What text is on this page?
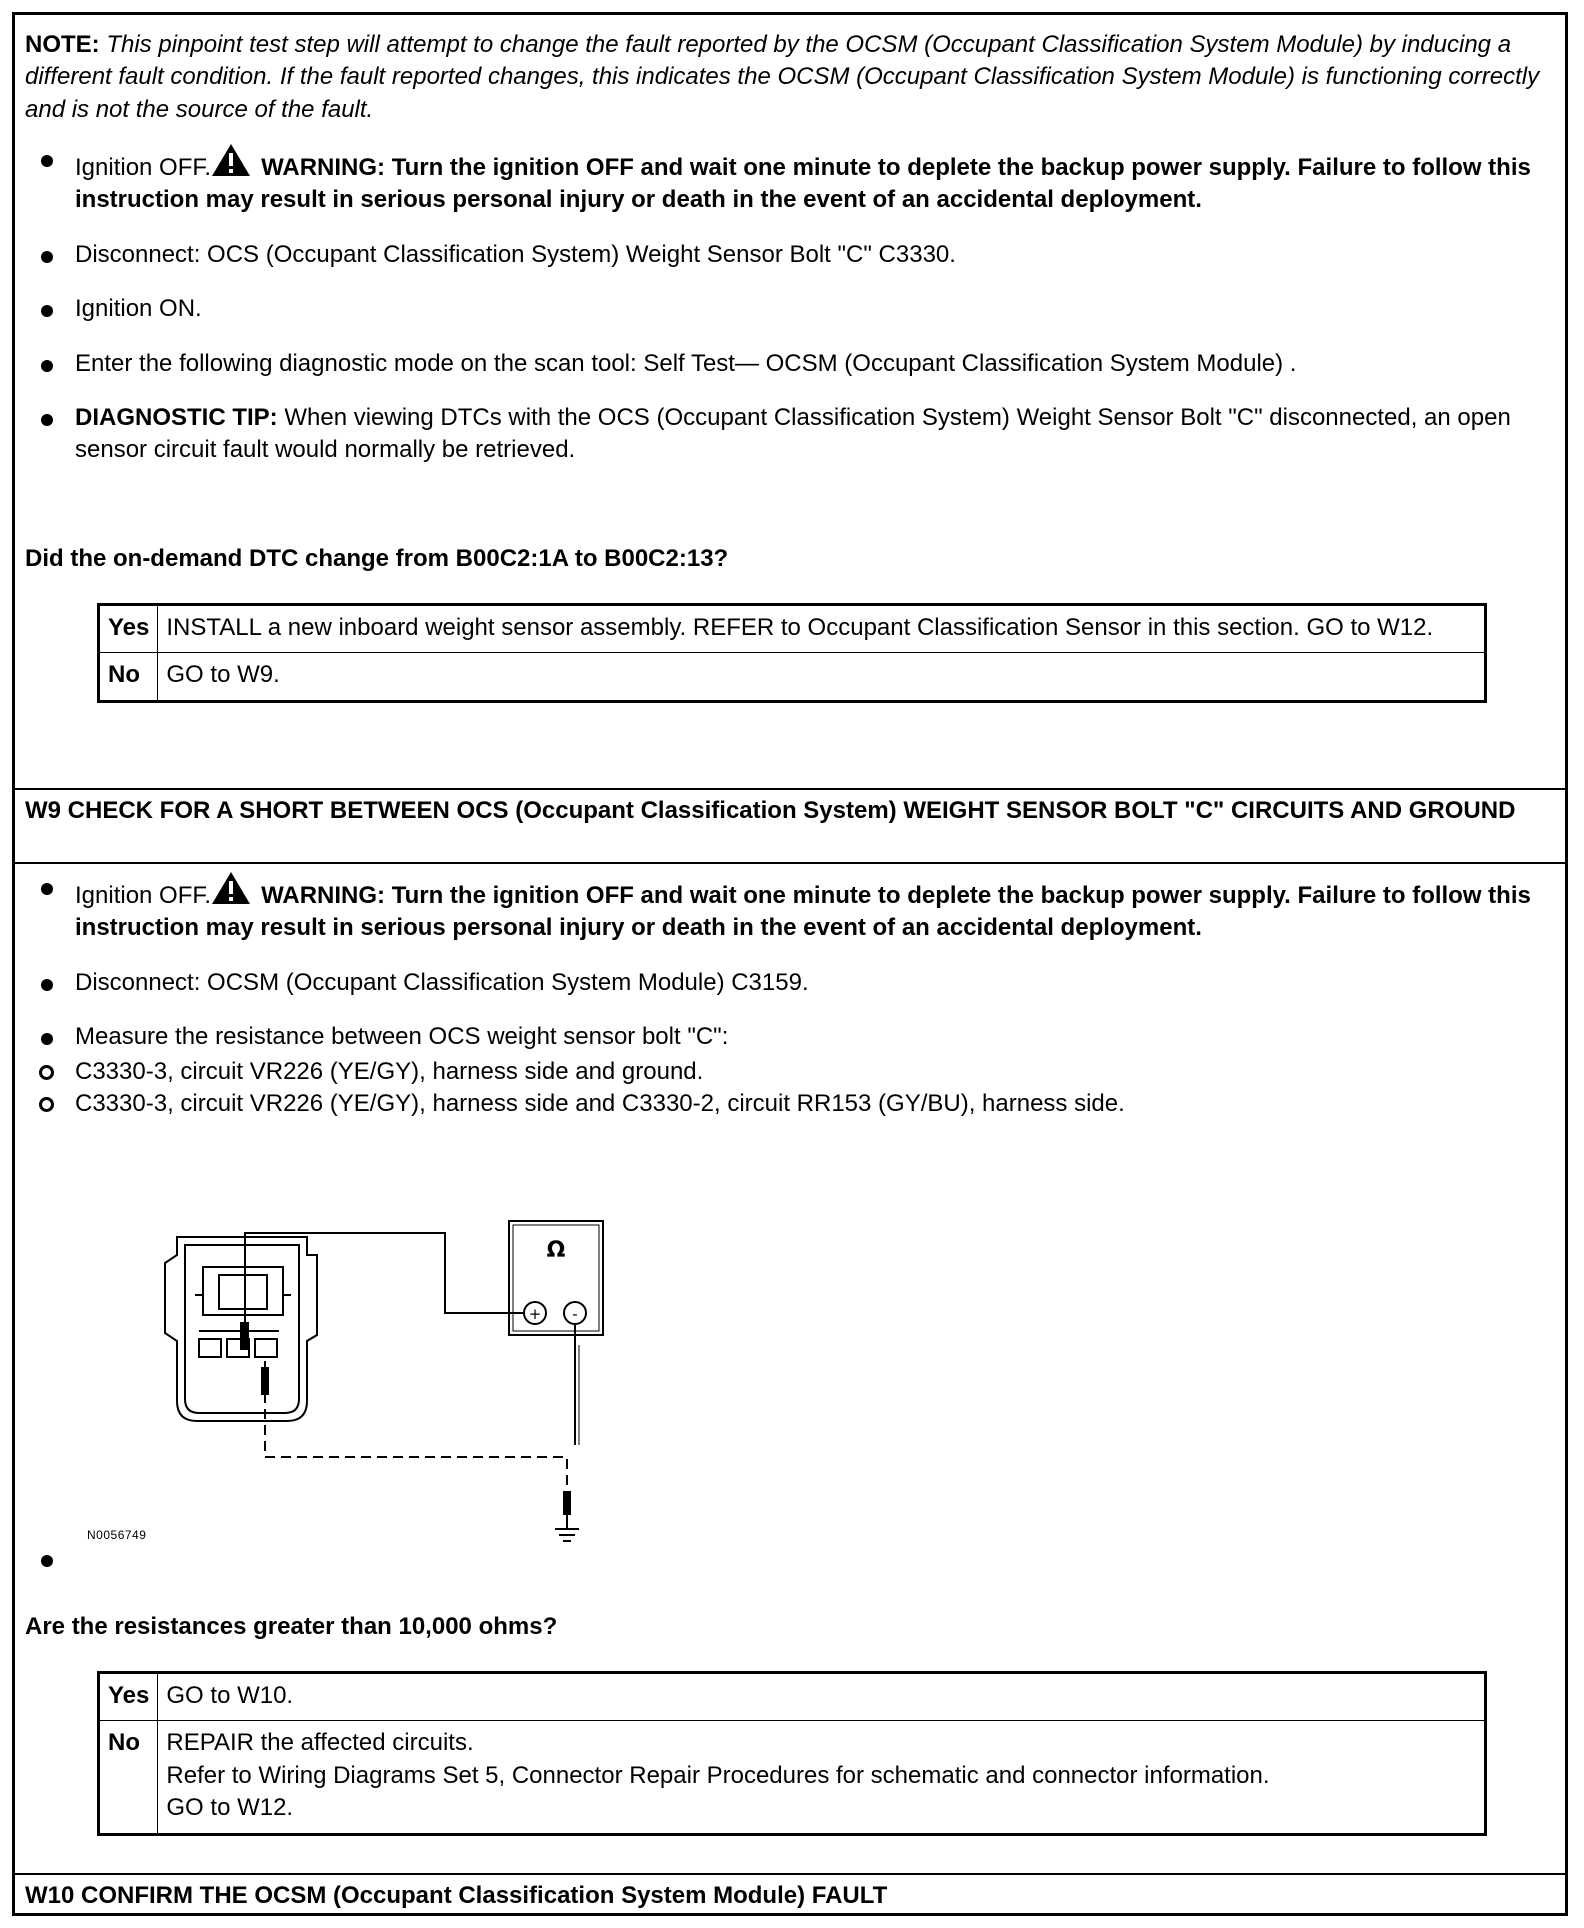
NOTE: This pinpoint test step will attempt to change the fault reported by the OCSM (Occupant Classification System Module) by inducing a different fault condition. If the fault reported changes, this indicates the OCSM (Occupant Classification System Module) is functioning correctly and is not the source of the fault.
Ignition OFF. WARNING: Turn the ignition OFF and wait one minute to deplete the backup power supply. Failure to follow this instruction may result in serious personal injury or death in the event of an accidental deployment.
Disconnect: OCS (Occupant Classification System) Weight Sensor Bolt "C" C3330.
Ignition ON.
Enter the following diagnostic mode on the scan tool: Self Test— OCSM (Occupant Classification System Module) .
DIAGNOSTIC TIP: When viewing DTCs with the OCS (Occupant Classification System) Weight Sensor Bolt "C" disconnected, an open sensor circuit fault would normally be retrieved.
Did the on-demand DTC change from B00C2:1A to B00C2:13?
Yes	INSTALL a new inboard weight sensor assembly. REFER to Occupant Classification Sensor in this section. GO to W12.
No	GO to W9.
W9 CHECK FOR A SHORT BETWEEN OCS (Occupant Classification System) WEIGHT SENSOR BOLT "C" CIRCUITS AND GROUND
Ignition OFF. WARNING: Turn the ignition OFF and wait one minute to deplete the backup power supply. Failure to follow this instruction may result in serious personal injury or death in the event of an accidental deployment.
Disconnect: OCSM (Occupant Classification System Module) C3159.
Measure the resistance between OCS weight sensor bolt "C":
C3330-3, circuit VR226 (YE/GY), harness side and ground.
C3330-3, circuit VR226 (YE/GY), harness side and C3330-2, circuit RR153 (GY/BU), harness side.
Ω
+ -
N0056749
Are the resistances greater than 10,000 ohms?
Yes	GO to W10.
No	REPAIR the affected circuits.
Refer to Wiring Diagrams Set 5, Connector Repair Procedures for schematic and connector information.
GO to W12.
W10 CONFIRM THE OCSM (Occupant Classification System Module) FAULT
